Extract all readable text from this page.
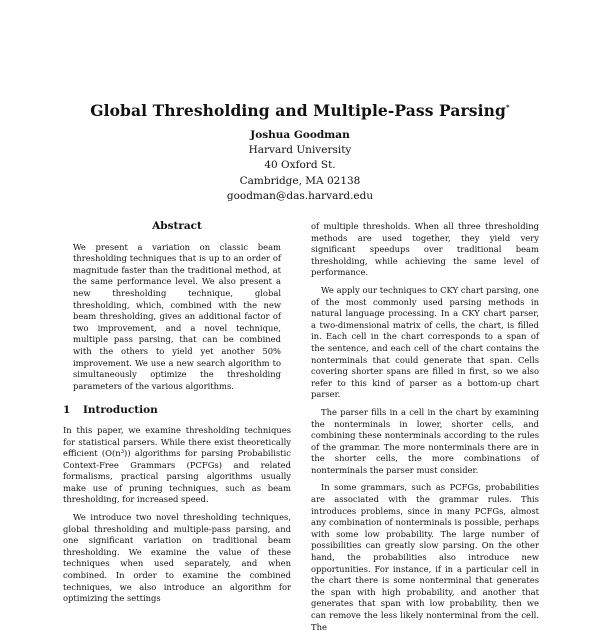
Global Thresholding and Multiple-Pass Parsing*
Joshua Goodman
Harvard University
40 Oxford St.
Cambridge, MA 02138
goodman@das.harvard.edu
Abstract

We present a variation on classic beam thresholding techniques that is up to an order of magnitude faster than the traditional method, at the same performance level. We also present a new thresholding technique, global thresholding, which, combined with the new beam thresholding, gives an additional factor of two improvement, and a novel technique, multiple pass parsing, that can be combined with the others to yield yet another 50% improvement. We use a new search algorithm to simultaneously optimize the thresholding parameters of the various algorithms.

1 Introduction

In this paper, we examine thresholding techniques for statistical parsers. While there exist theoretically efficient (O(n³)) algorithms for parsing Probabilistic Context-Free Grammars (PCFGs) and related formalisms, practical parsing algorithms usually make use of pruning techniques, such as beam thresholding, for increased speed.

We introduce two novel thresholding techniques, global thresholding and multiple-pass parsing, and one significant variation on traditional beam thresholding. We examine the value of these techniques when used separately, and when combined. In order to examine the combined techniques, we also introduce an algorithm for optimizing the settings

of multiple thresholds. When all three thresholding methods are used together, they yield very significant speedups over traditional beam thresholding, while achieving the same level of performance.

We apply our techniques to CKY chart parsing, one of the most commonly used parsing methods in natural language processing. In a CKY chart parser, a two-dimensional matrix of cells, the chart, is filled in. Each cell in the chart corresponds to a span of the sentence, and each cell of the chart contains the nonterminals that could generate that span. Cells covering shorter spans are filled in first, so we also refer to this kind of parser as a bottom-up chart parser.

The parser fills in a cell in the chart by examining the nonterminals in lower, shorter cells, and combining these nonterminals according to the rules of the grammar. The more nonterminals there are in the shorter cells, the more combinations of nonterminals the parser must consider.

In some grammars, such as PCFGs, probabilities are associated with the grammar rules. This introduces problems, since in many PCFGs, almost any combination of nonterminals is possible, perhaps with some low probability. The large number of possibilities can greatly slow parsing. On the other hand, the probabilities also introduce new opportunities. For instance, if in a particular cell in the chart there is some nonterminal that generates the span with high probability, and another that generates that span with low probability, then we can remove the less likely nonterminal from the cell. The
